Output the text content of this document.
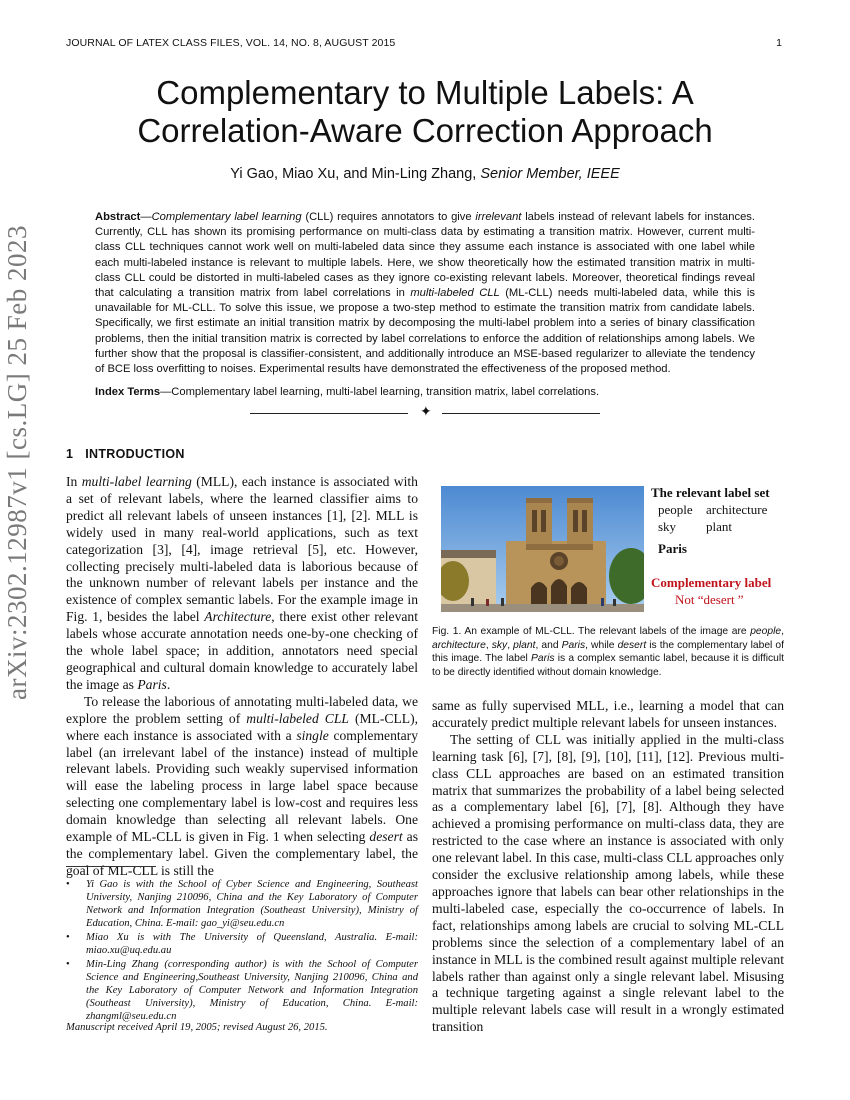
JOURNAL OF LATEX CLASS FILES, VOL. 14, NO. 8, AUGUST 2015	1
arXiv:2302.12987v1 [cs.LG] 25 Feb 2023
Complementary to Multiple Labels: A
Correlation-Aware Correction Approach
Yi Gao, Miao Xu, and Min-Ling Zhang, Senior Member, IEEE
Abstract—Complementary label learning (CLL) requires annotators to give irrelevant labels instead of relevant labels for instances. Currently, CLL has shown its promising performance on multi-class data by estimating a transition matrix. However, current multi-class CLL techniques cannot work well on multi-labeled data since they assume each instance is associated with one label while each multi-labeled instance is relevant to multiple labels. Here, we show theoretically how the estimated transition matrix in multi-class CLL could be distorted in multi-labeled cases as they ignore co-existing relevant labels. Moreover, theoretical findings reveal that calculating a transition matrix from label correlations in multi-labeled CLL (ML-CLL) needs multi-labeled data, while this is unavailable for ML-CLL. To solve this issue, we propose a two-step method to estimate the transition matrix from candidate labels. Specifically, we first estimate an initial transition matrix by decomposing the multi-label problem into a series of binary classification problems, then the initial transition matrix is corrected by label correlations to enforce the addition of relationships among labels. We further show that the proposal is classifier-consistent, and additionally introduce an MSE-based regularizer to alleviate the tendency of BCE loss overfitting to noises. Experimental results have demonstrated the effectiveness of the proposed method.
Index Terms—Complementary label learning, multi-label learning, transition matrix, label correlations.
✦
1 INTRODUCTION

In multi-label learning (MLL), each instance is associated with a set of relevant labels, where the learned classifier aims to predict all relevant labels of unseen instances [1], [2]. MLL is widely used in many real-world applications, such as text categorization [3], [4], image retrieval [5], etc. However, collecting precisely multi-labeled data is laborious because of the unknown number of relevant labels per instance and the existence of complex semantic labels. For the example image in Fig. 1, besides the label Architecture, there exist other relevant labels whose accurate annotation needs one-by-one checking of the whole label space; in addition, annotators need special geographical and cultural domain knowledge to accurately label the image as Paris.

To release the laborious of annotating multi-labeled data, we explore the problem setting of multi-labeled CLL (ML-CLL), where each instance is associated with a single complementary label (an irrelevant label of the instance) instead of multiple relevant labels. Providing such weakly supervised information will ease the labeling process in large label space because selecting one complementary label is low-cost and requires less domain knowledge than selecting all relevant labels. One example of ML-CLL is given in Fig. 1 when selecting desert as the complementary label. Given the complementary label, the goal of ML-CLL is still the

• Yi Gao is with the School of Cyber Science and Engineering, Southeast University, Nanjing 210096, China and the Key Laboratory of Computer Network and Information Integration (Southeast University), Ministry of Education, China. E-mail: gao_yi@seu.edu.cn
• Miao Xu is with The University of Queensland, Australia. E-mail: miao.xu@uq.edu.au
• Min-Ling Zhang (corresponding author) is with the School of Computer Science and Engineering,Southeast University, Nanjing 210096, China and the Key Laboratory of Computer Network and Information Integration (Southeast University), Ministry of Education, China. E-mail: zhangml@seu.edu.cn
Manuscript received April 19, 2005; revised August 26, 2015.
The relevant label set
people	architecture
sky	plant
Paris
Complementary label
Not “desert ”
Fig. 1. An example of ML-CLL. The relevant labels of the image are people, architecture, sky, plant, and Paris, while desert is the complementary label of this image. The label Paris is a complex semantic label, because it is difficult to be directly identified without domain knowledge.

same as fully supervised MLL, i.e., learning a model that can accurately predict multiple relevant labels for unseen instances.

The setting of CLL was initially applied in the multi-class learning task [6], [7], [8], [9], [10], [11], [12]. Previous multi-class CLL approaches are based on an estimated transition matrix that summarizes the probability of a label being selected as a complementary label [6], [7], [8]. Although they have achieved a promising performance on multi-class data, they are restricted to the case where an instance is associated with only one relevant label. In this case, multi-class CLL approaches only consider the exclusive relationship among labels, while these approaches ignore that labels can bear other relationships in the multi-labeled case, especially the co-occurrence of labels. In fact, relationships among labels are crucial to solving ML-CLL problems since the selection of a complementary label of an instance in MLL is the combined result against multiple relevant labels rather than against only a single relevant label. Misusing a technique targeting against a single relevant label to the multiple relevant labels case will result in a wrongly estimated transition
